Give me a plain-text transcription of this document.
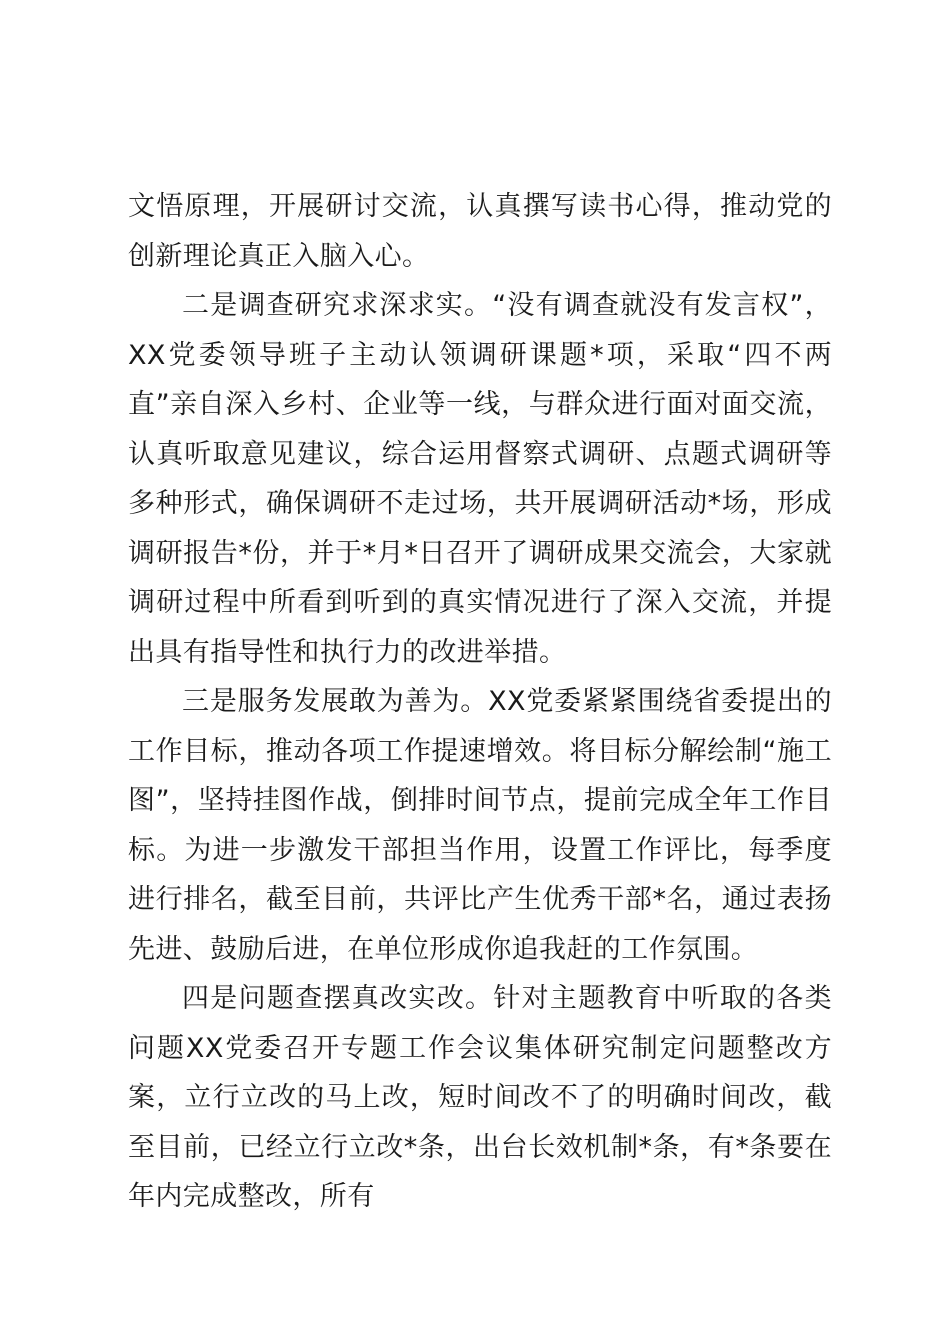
文悟原理，开展研讨交流，认真撰写读书心得，推动党的创新理论真正入脑入心。

二是调查研究求深求实。“没有调查就没有发言权”，XX党委领导班子主动认领调研课题*项，采取“四不两直”亲自深入乡村、企业等一线，与群众进行面对面交流，认真听取意见建议，综合运用督察式调研、点题式调研等多种形式，确保调研不走过场，共开展调研活动*场，形成调研报告*份，并于*月*日召开了调研成果交流会，大家就调研过程中所看到听到的真实情况进行了深入交流，并提出具有指导性和执行力的改进举措。

三是服务发展敢为善为。XX党委紧紧围绕省委提出的工作目标，推动各项工作提速增效。将目标分解绘制“施工图”，坚持挂图作战，倒排时间节点，提前完成全年工作目标。为进一步激发干部担当作用，设置工作评比，每季度进行排名，截至目前，共评比产生优秀干部*名，通过表扬先进、鼓励后进，在单位形成你追我赶的工作氛围。

四是问题查摆真改实改。针对主题教育中听取的各类问题XX党委召开专题工作会议集体研究制定问题整改方案，立行立改的马上改，短时间改不了的明确时间改，截至目前，已经立行立改*条，出台长效机制*条，有*条要在年内完成整改，所有
